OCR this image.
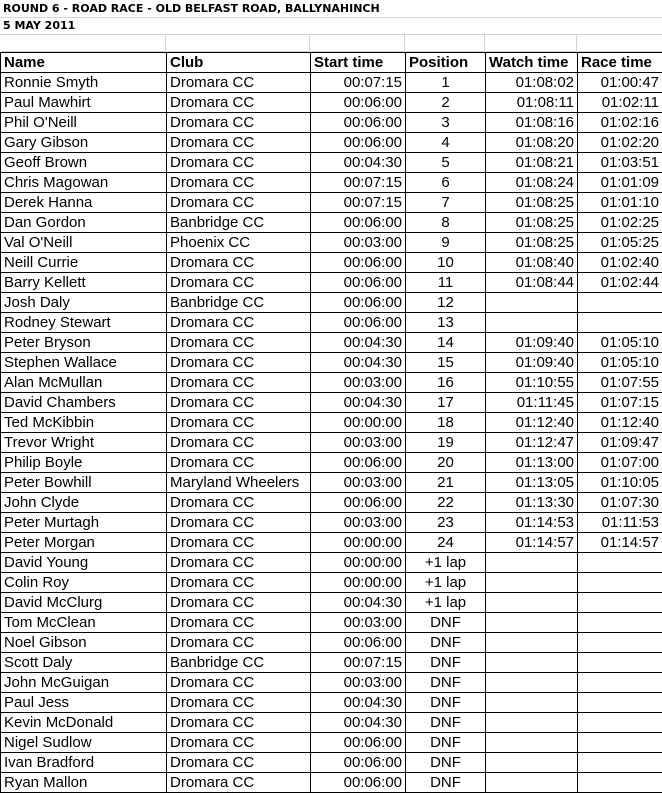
ROUND 6 - ROAD RACE - OLD BELFAST ROAD, BALLYNAHINCH
5 MAY 2011
Name	Club	Start time	Position	Watch time	Race time
Ronnie Smyth	Dromara CC	00:07:15	1	01:08:02	01:00:47
Paul Mawhirt	Dromara CC	00:06:00	2	01:08:11	01:02:11
Phil O'Neill	Dromara CC	00:06:00	3	01:08:16	01:02:16
Gary Gibson	Dromara CC	00:06:00	4	01:08:20	01:02:20
Geoff Brown	Dromara CC	00:04:30	5	01:08:21	01:03:51
Chris Magowan	Dromara CC	00:07:15	6	01:08:24	01:01:09
Derek Hanna	Dromara CC	00:07:15	7	01:08:25	01:01:10
Dan Gordon	Banbridge CC	00:06:00	8	01:08:25	01:02:25
Val O'Neill	Phoenix CC	00:03:00	9	01:08:25	01:05:25
Neill Currie	Dromara CC	00:06:00	10	01:08:40	01:02:40
Barry Kellett	Dromara CC	00:06:00	11	01:08:44	01:02:44
Josh Daly	Banbridge CC	00:06:00	12		
Rodney Stewart	Dromara CC	00:06:00	13		
Peter Bryson	Dromara CC	00:04:30	14	01:09:40	01:05:10
Stephen Wallace	Dromara CC	00:04:30	15	01:09:40	01:05:10
Alan McMullan	Dromara CC	00:03:00	16	01:10:55	01:07:55
David Chambers	Dromara CC	00:04:30	17	01:11:45	01:07:15
Ted McKibbin	Dromara CC	00:00:00	18	01:12:40	01:12:40
Trevor Wright	Dromara CC	00:03:00	19	01:12:47	01:09:47
Philip Boyle	Dromara CC	00:06:00	20	01:13:00	01:07:00
Peter Bowhill	Maryland Wheelers	00:03:00	21	01:13:05	01:10:05
John Clyde	Dromara CC	00:06:00	22	01:13:30	01:07:30
Peter Murtagh	Dromara CC	00:03:00	23	01:14:53	01:11:53
Peter Morgan	Dromara CC	00:00:00	24	01:14:57	01:14:57
David Young	Dromara CC	00:00:00	+1 lap		
Colin Roy	Dromara CC	00:00:00	+1 lap		
David McClurg	Dromara CC	00:04:30	+1 lap		
Tom McClean	Dromara CC	00:03:00	DNF		
Noel Gibson	Dromara CC	00:06:00	DNF		
Scott Daly	Banbridge CC	00:07:15	DNF		
John McGuigan	Dromara CC	00:03:00	DNF		
Paul Jess	Dromara CC	00:04:30	DNF		
Kevin McDonald	Dromara CC	00:04:30	DNF		
Nigel Sudlow	Dromara CC	00:06:00	DNF		
Ivan Bradford	Dromara CC	00:06:00	DNF		
Ryan Mallon	Dromara CC	00:06:00	DNF		
